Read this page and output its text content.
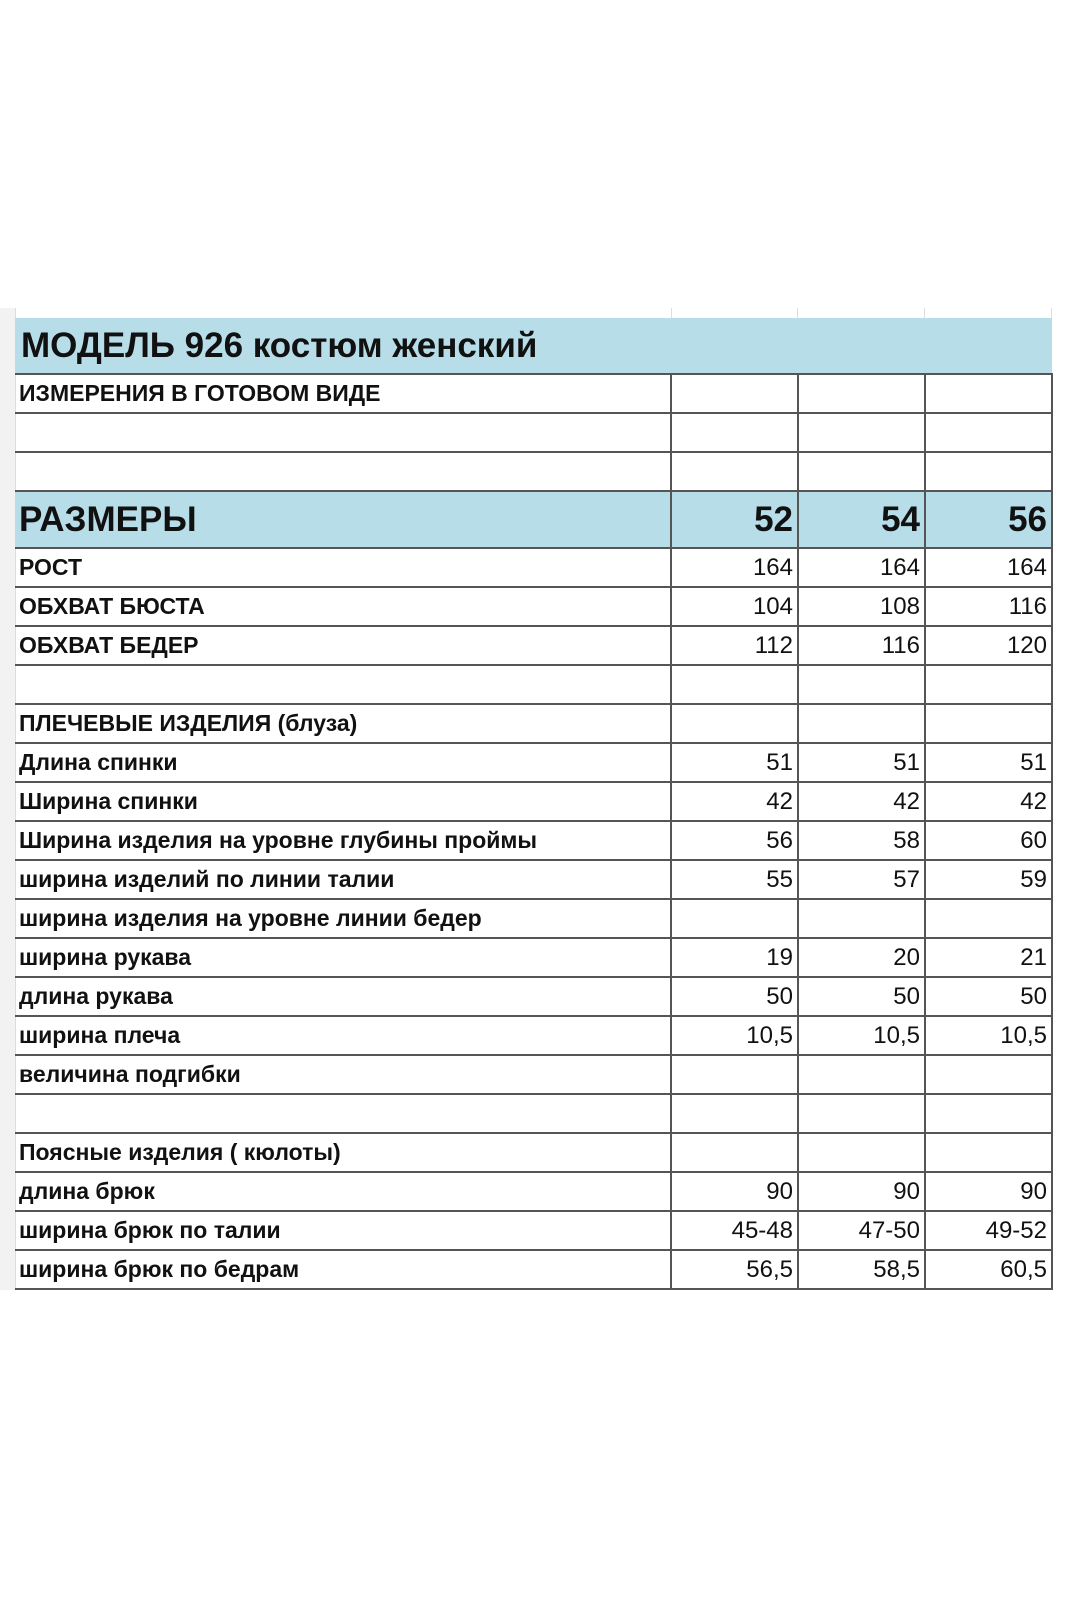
МОДЕЛЬ 926 костюм женский			
ИЗМЕРЕНИЯ В ГОТОВОМ ВИДЕ			

РАЗМЕРЫ	52	54	56
РОСТ	164	164	164
ОБХВАТ БЮСТА	104	108	116
ОБХВАТ БЕДЕР	112	116	120

ПЛЕЧЕВЫЕ ИЗДЕЛИЯ (блуза)			
Длина спинки	51	51	51
Ширина спинки	42	42	42
Ширина изделия на уровне глубины проймы	56	58	60
ширина изделий по линии талии	55	57	59
ширина изделия на уровне линии бедер			
ширина рукава	19	20	21
длина рукава	50	50	50
ширина плеча	10,5	10,5	10,5
величина подгибки			

Поясные изделия ( кюлоты)			
длина брюк	90	90	90
ширина брюк по талии	45-48	47-50	49-52
ширина брюк по бедрам	56,5	58,5	60,5
